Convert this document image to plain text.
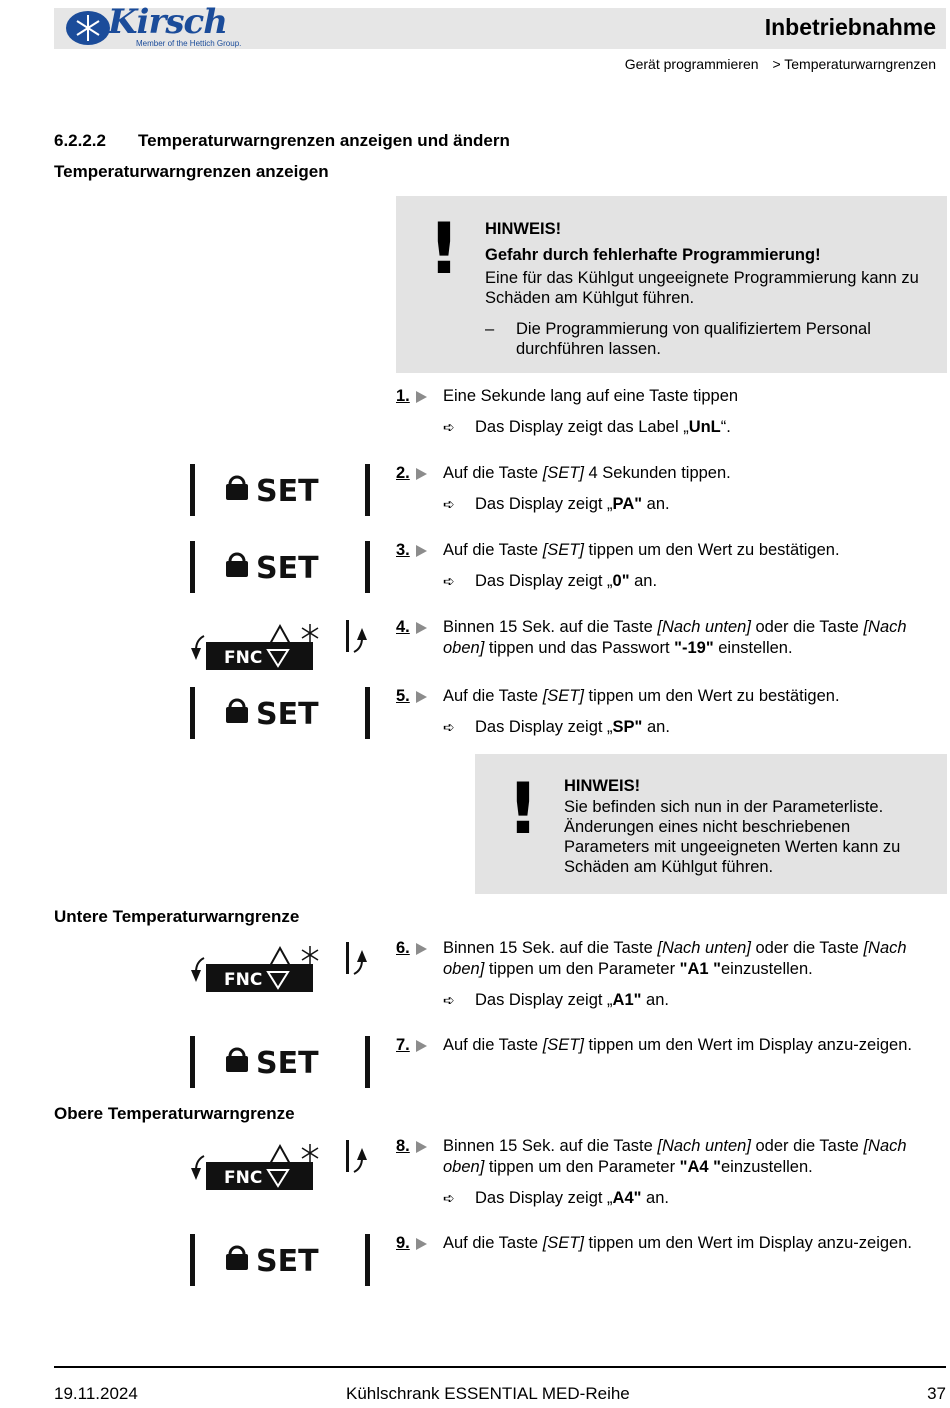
Kirsch
Member of the Hettich Group.
Inbetriebnahme
Gerät programmieren > Temperaturwarngrenzen
6.2.2.2 Temperaturwarngrenzen anzeigen und ändern
Temperaturwarngrenzen anzeigen
! HINWEIS!
Gefahr durch fehlerhafte Programmierung!
Eine für das Kühlgut ungeeignete Programmierung kann zu Schäden am Kühlgut führen.
– Die Programmierung von qualifiziertem Personal durchführen lassen.
1. Eine Sekunde lang auf eine Taste tippen
➪ Das Display zeigt das Label „UnL“.
SET
2. Auf die Taste [SET] 4 Sekunden tippen.
➪ Das Display zeigt „PA" an.
SET
3. Auf die Taste [SET] tippen um den Wert zu bestätigen.
➪ Das Display zeigt „0" an.
FNC
4. Binnen 15 Sek. auf die Taste [Nach unten] oder die Taste [Nach oben] tippen und das Passwort "-19" einstellen.
SET
5. Auf die Taste [SET] tippen um den Wert zu bestätigen.
➪ Das Display zeigt „SP" an.
! HINWEIS!
Sie befinden sich nun in der Parameterliste. Änderungen eines nicht beschriebenen Parameters mit ungeeigneten Werten kann zu Schäden am Kühlgut führen.
Untere Temperaturwarngrenze
FNC
6. Binnen 15 Sek. auf die Taste [Nach unten] oder die Taste [Nach oben] tippen um den Parameter "A1 "einzustellen.
➪ Das Display zeigt „A1" an.
SET
7. Auf die Taste [SET] tippen um den Wert im Display anzu-zeigen.
Obere Temperaturwarngrenze
FNC
8. Binnen 15 Sek. auf die Taste [Nach unten] oder die Taste [Nach oben] tippen um den Parameter "A4 "einzustellen.
➪ Das Display zeigt „A4" an.
SET
9. Auf die Taste [SET] tippen um den Wert im Display anzu-zeigen.
19.11.2024	Kühlschrank ESSENTIAL MED-Reihe	37
